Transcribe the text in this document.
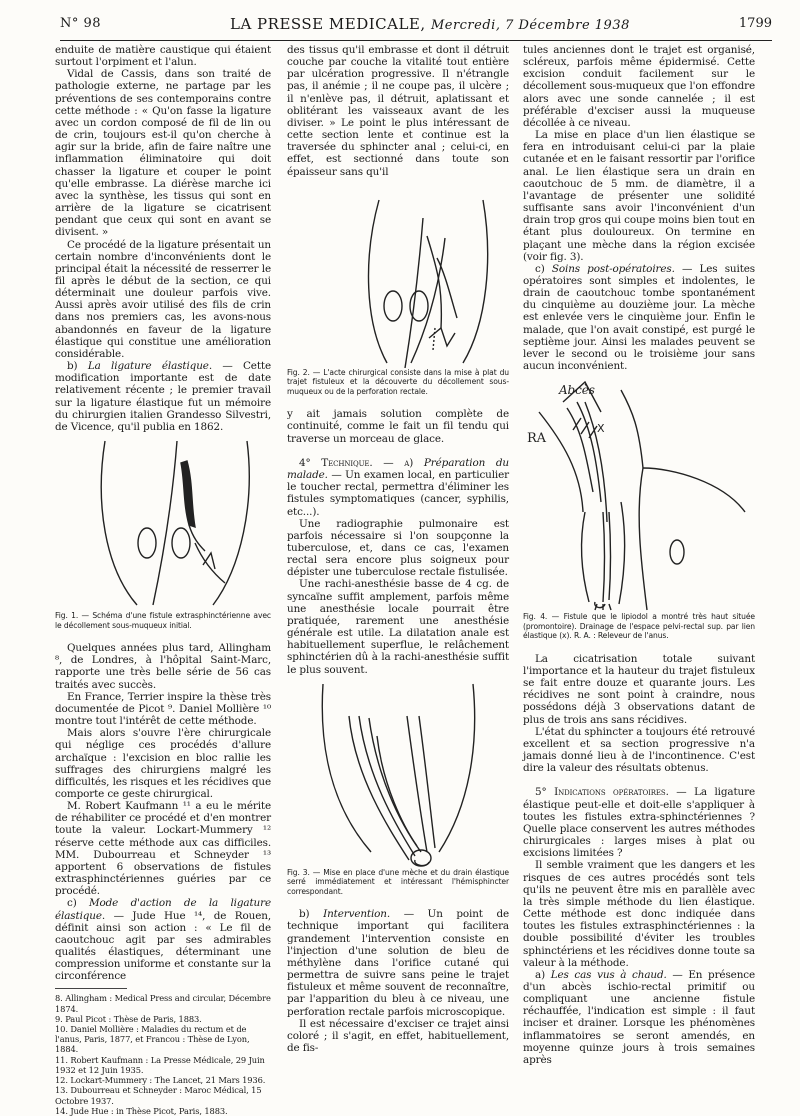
N° 98	LA PRESSE MEDICALE, Mercredi, 7 Décembre 1938	1799

enduite de matière caustique qui étaient surtout l'orpiment et l'alun.

Vidal de Cassis, dans son traité de pathologie externe, ne partage par les préventions de ses contemporains contre cette méthode : « Qu'on fasse la ligature avec un cordon composé de fil de lin ou de crin, toujours est-il qu'on cherche à agir sur la bride, afin de faire naître une inflammation éliminatoire qui doit chasser la ligature et couper le point qu'elle embrasse. La diérèse marche ici avec la synthèse, les tissus qui sont en arrière de la ligature se cicatrisent pendant que ceux qui sont en avant se divisent. »

Ce procédé de la ligature présentait un certain nombre d'inconvénients dont le principal était la nécessité de resserrer le fil après le début de la section, ce qui déterminait une douleur parfois vive. Aussi après avoir utilisé des fils de crin dans nos premiers cas, les avons-nous abandonnés en faveur de la ligature élastique qui constitue une amélioration considérable.

b) La ligature élastique. — Cette modification importante est de date relativement récente ; le premier travail sur la ligature élastique fut un mémoire du chirurgien italien Grandesso Silvestri, de Vicence, qu'il publia en 1862.

Fig. 1. — Schéma d'une fistule extrasphinctérienne avec le décollement sous-muqueux initial.

Quelques années plus tard, Allingham ⁸, de Londres, à l'hôpital Saint-Marc, rapporte une très belle série de 56 cas traités avec succès.

En France, Terrier inspire la thèse très documentée de Picot ⁹. Daniel Mollière ¹⁰ montre tout l'intérêt de cette méthode.

Mais alors s'ouvre l'ère chirurgicale qui néglige ces procédés d'allure archaïque : l'excision en bloc rallie les suffrages des chirurgiens malgré les difficultés, les risques et les récidives que comporte ce geste chirurgical.

M. Robert Kaufmann ¹¹ a eu le mérite de réhabiliter ce procédé et d'en montrer toute la valeur. Lockart-Mummery ¹² réserve cette méthode aux cas difficiles. MM. Dubourreau et Schneyder ¹³ apportent 6 observations de fistules extrasphinctériennes guéries par ce procédé.

c) Mode d'action de la ligature élastique. — Jude Hue ¹⁴, de Rouen, définit ainsi son action : « Le fil de caoutchouc agit par ses admirables qualités élastiques, déterminant une compression uniforme et constante sur la circonférence

8. Allingham : Medical Press and circular, Décembre 1874.

9. Paul Picot : Thèse de Paris, 1883.

10. Daniel Mollière : Maladies du rectum et de l'anus, Paris, 1877, et Francou : Thèse de Lyon, 1884.

11. Robert Kaufmann : La Presse Médicale, 29 Juin 1932 et 12 Juin 1935.

12. Lockart-Mummery : The Lancet, 21 Mars 1936.

13. Dubourreau et Schneyder : Maroc Médical, 15 Octobre 1937.

14. Jude Hue : in Thèse Picot, Paris, 1883.

des tissus qu'il embrasse et dont il détruit couche par couche la vitalité tout entière par ulcération progressive. Il n'étrangle pas, il anémie ; il ne coupe pas, il ulcère ; il n'enlève pas, il détruit, aplatissant et oblitérant les vaisseaux avant de les diviser. » Le point le plus intéressant de cette section lente et continue est la traversée du sphincter anal ; celui-ci, en effet, est sectionné dans toute son épaisseur sans qu'il

Fig. 2. — L'acte chirurgical consiste dans la mise à plat du trajet fistuleux et la découverte du décollement sous-muqueux ou de la perforation rectale.

y ait jamais solution complète de continuité, comme le fait un fil tendu qui traverse un morceau de glace.

4° Technique. — a) Préparation du malade. — Un examen local, en particulier le toucher rectal, permettra d'éliminer les fistules symptomatiques (cancer, syphilis, etc...).

Une radiographie pulmonaire est parfois nécessaire si l'on soupçonne la tuberculose, et, dans ce cas, l'examen rectal sera encore plus soigneux pour dépister une tuberculose rectale fistulisée.

Une rachi-anesthésie basse de 4 cg. de syncaïne suffit amplement, parfois même une anesthésie locale pourrait être pratiquée, rarement une anesthésie générale est utile. La dilatation anale est habituellement superflue, le relâchement sphinctérien dû à la rachi-anesthésie suffit le plus souvent.

Fig. 3. — Mise en place d'une mèche et du drain élastique serré immédiatement et intéressant l'hémisphincter correspondant.

b) Intervention. — Un point de technique important qui facilitera grandement l'intervention consiste en l'injection d'une solution de bleu de méthylène dans l'orifice cutané qui permettra de suivre sans peine le trajet fistuleux et même souvent de reconnaître, par l'apparition du bleu à ce niveau, une perforation rectale parfois microscopique.

Il est nécessaire d'exciser ce trajet ainsi coloré ; il s'agit, en effet, habituellement, de fis-

tules anciennes dont le trajet est organisé, scléreux, parfois même épidermisé. Cette excision conduit facilement sur le décollement sous-muqueux que l'on effondre alors avec une sonde cannelée ; il est préférable d'exciser aussi la muqueuse décollée à ce niveau.

La mise en place d'un lien élastique se fera en introduisant celui-ci par la plaie cutanée et en le faisant ressortir par l'orifice anal. Le lien élastique sera un drain en caoutchouc de 5 mm. de diamètre, il a l'avantage de présenter une solidité suffisante sans avoir l'inconvénient d'un drain trop gros qui coupe moins bien tout en étant plus douloureux. On termine en plaçant une mèche dans la région excisée (voir fig. 3).

c) Soins post-opératoires. — Les suites opératoires sont simples et indolentes, le drain de caoutchouc tombe spontanément du cinquième au douzième jour. La mèche est enlevée vers le cinquième jour. Enfin le malade, que l'on avait constipé, est purgé le septième jour. Ainsi les malades peuvent se lever le second ou le troisième jour sans aucun inconvénient.

Abcès
RA
X

Fig. 4. — Fistule que le lipiodol a montré très haut située (promontoire). Drainage de l'espace pelvi-rectal sup. par lien élastique (x). R. A. : Releveur de l'anus.

La cicatrisation totale suivant l'importance et la hauteur du trajet fistuleux se fait entre douze et quarante jours. Les récidives ne sont point à craindre, nous possédons déjà 3 observations datant de plus de trois ans sans récidives.

L'état du sphincter a toujours été retrouvé excellent et sa section progressive n'a jamais donné lieu à de l'incontinence. C'est dire la valeur des résultats obtenus.

5° Indications opératoires. — La ligature élastique peut-elle et doit-elle s'appliquer à toutes les fistules extra-sphinctériennes ? Quelle place conservent les autres méthodes chirurgicales : larges mises à plat ou excisions limitées ?

Il semble vraiment que les dangers et les risques de ces autres procédés sont tels qu'ils ne peuvent être mis en parallèle avec la très simple méthode du lien élastique. Cette méthode est donc indiquée dans toutes les fistules extrasphinctériennes : la double possibilité d'éviter les troubles sphinctériens et les récidives donne toute sa valeur à la méthode.

a) Les cas vus à chaud. — En présence d'un abcès ischio-rectal primitif ou compliquant une ancienne fistule réchauffée, l'indication est simple : il faut inciser et drainer. Lorsque les phénomènes inflammatoires se seront amendés, en moyenne quinze jours à trois semaines après
